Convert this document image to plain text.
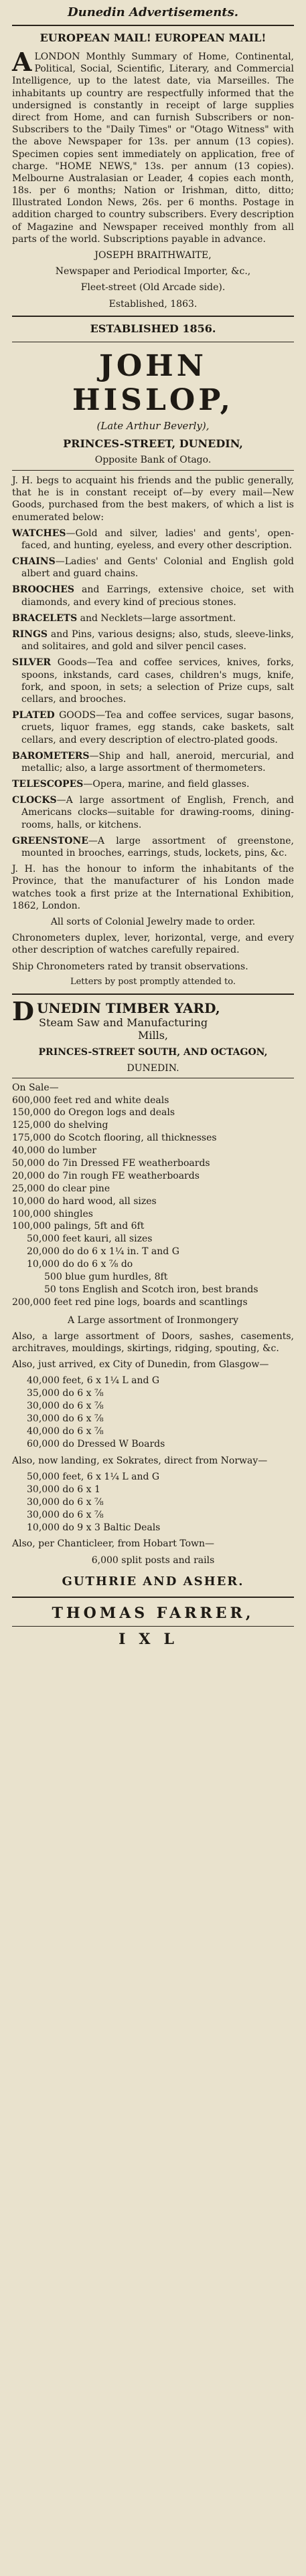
Dunedin Advertisements.
EUROPEAN MAIL! EUROPEAN MAIL!

ALONDON Monthly Summary of Home, Continental, Political, Social, Scientific, Literary, and Commercial Intelligence, up to the latest date, via Marseilles. The inhabitants up country are respectfully informed that the undersigned is constantly in receipt of large supplies direct from Home, and can furnish Subscribers or non-Subscribers to the "Daily Times" or "Otago Witness" with the above Newspaper for 13s. per annum (13 copies). Specimen copies sent immediately on application, free of charge. "HOME NEWS," 13s. per annum (13 copies). Melbourne Australasian or Leader, 4 copies each month, 18s. per 6 months; Nation or Irishman, ditto, ditto; Illustrated London News, 26s. per 6 months. Postage in addition charged to country subscribers. Every description of Magazine and Newspaper received monthly from all parts of the world. Subscriptions payable in advance.

JOSEPH BRAITHWAITE,

Newspaper and Periodical Importer, &c.,

Fleet-street (Old Arcade side).

Established, 1863.

ESTABLISHED 1856.
JOHN HISLOP,
(Late Arthur Beverly),
PRINCES-STREET, DUNEDIN,

Opposite Bank of Otago.

J. H. begs to acquaint his friends and the public generally, that he is in constant receipt of—by every mail—New Goods, purchased from the best makers, of which a list is enumerated below:

WATCHES—Gold and silver, ladies' and gents', open-faced, and hunting, eyeless, and every other description.
CHAINS—Ladies' and Gents' Colonial and English gold albert and guard chains.
BROOCHES and Earrings, extensive choice, set with diamonds, and every kind of precious stones.
BRACELETS and Necklets—large assortment.
RINGS and Pins, various designs; also, studs, sleeve-links, and solitaires, and gold and silver pencil cases.
SILVER Goods—Tea and coffee services, knives, forks, spoons, inkstands, card cases, children's mugs, knife, fork, and spoon, in sets; a selection of Prize cups, salt cellars, and brooches.
PLATED GOODS—Tea and coffee services, sugar basons, cruets, liquor frames, egg stands, cake baskets, salt cellars, and every description of electro-plated goods.
BAROMETERS—Ship and hall, aneroid, mercurial, and metallic; also, a large assortment of thermometers.
TELESCOPES—Opera, marine, and field glasses.
CLOCKS—A large assortment of English, French, and Americans clocks—suitable for drawing-rooms, dining-rooms, halls, or kitchens.
GREENSTONE—A large assortment of greenstone, mounted in brooches, earrings, studs, lockets, pins, &c.

J. H. has the honour to inform the inhabitants of the Province, that the manufacturer of his London made watches took a first prize at the International Exhibition, 1862, London.

All sorts of Colonial Jewelry made to order.

Chronometers duplex, lever, horizontal, verge, and every other description of watches carefully repaired.

Ship Chronometers rated by transit observations.

Letters by post promptly attended to.

DUNEDIN TIMBER YARD,
Steam Saw and Manufacturing
Mills,
PRINCES-STREET SOUTH, AND OCTAGON,
DUNEDIN.
On Sale—
600,000 feet red and white deals
150,000 do Oregon logs and deals
125,000 do shelving
175,000 do Scotch flooring, all thicknesses
40,000 do lumber
50,000 do 7in Dressed FE weatherboards
20,000 do 7in rough FE weatherboards
25,000 do clear pine
10,000 do hard wood, all sizes
100,000 shingles
100,000 palings, 5ft and 6ft
50,000 feet kauri, all sizes
20,000 do do 6 x 1¼ in. T and G
10,000 do do 6 x ⅞ do
500 blue gum hurdles, 8ft
50 tons English and Scotch iron, best brands
200,000 feet red pine logs, boards and scantlings

A Large assortment of Ironmongery

Also, a large assortment of Doors, sashes, casements, architraves, mouldings, skirtings, ridging, spouting, &c.

Also, just arrived, ex City of Dunedin, from Glasgow—

40,000 feet, 6 x 1¼ L and G
35,000 do 6 x ⅞
30,000 do 6 x ⅞
30,000 do 6 x ⅞
40,000 do 6 x ⅞
60,000 do Dressed W Boards

Also, now landing, ex Sokrates, direct from Norway—

50,000 feet, 6 x 1¼ L and G
30,000 do 6 x 1
30,000 do 6 x ⅞
30,000 do 6 x ⅞
10,000 do 9 x 3 Baltic Deals

Also, per Chanticleer, from Hobart Town—

6,000 split posts and rails

GUTHRIE AND ASHER.
THOMAS FARRER,
IXL
